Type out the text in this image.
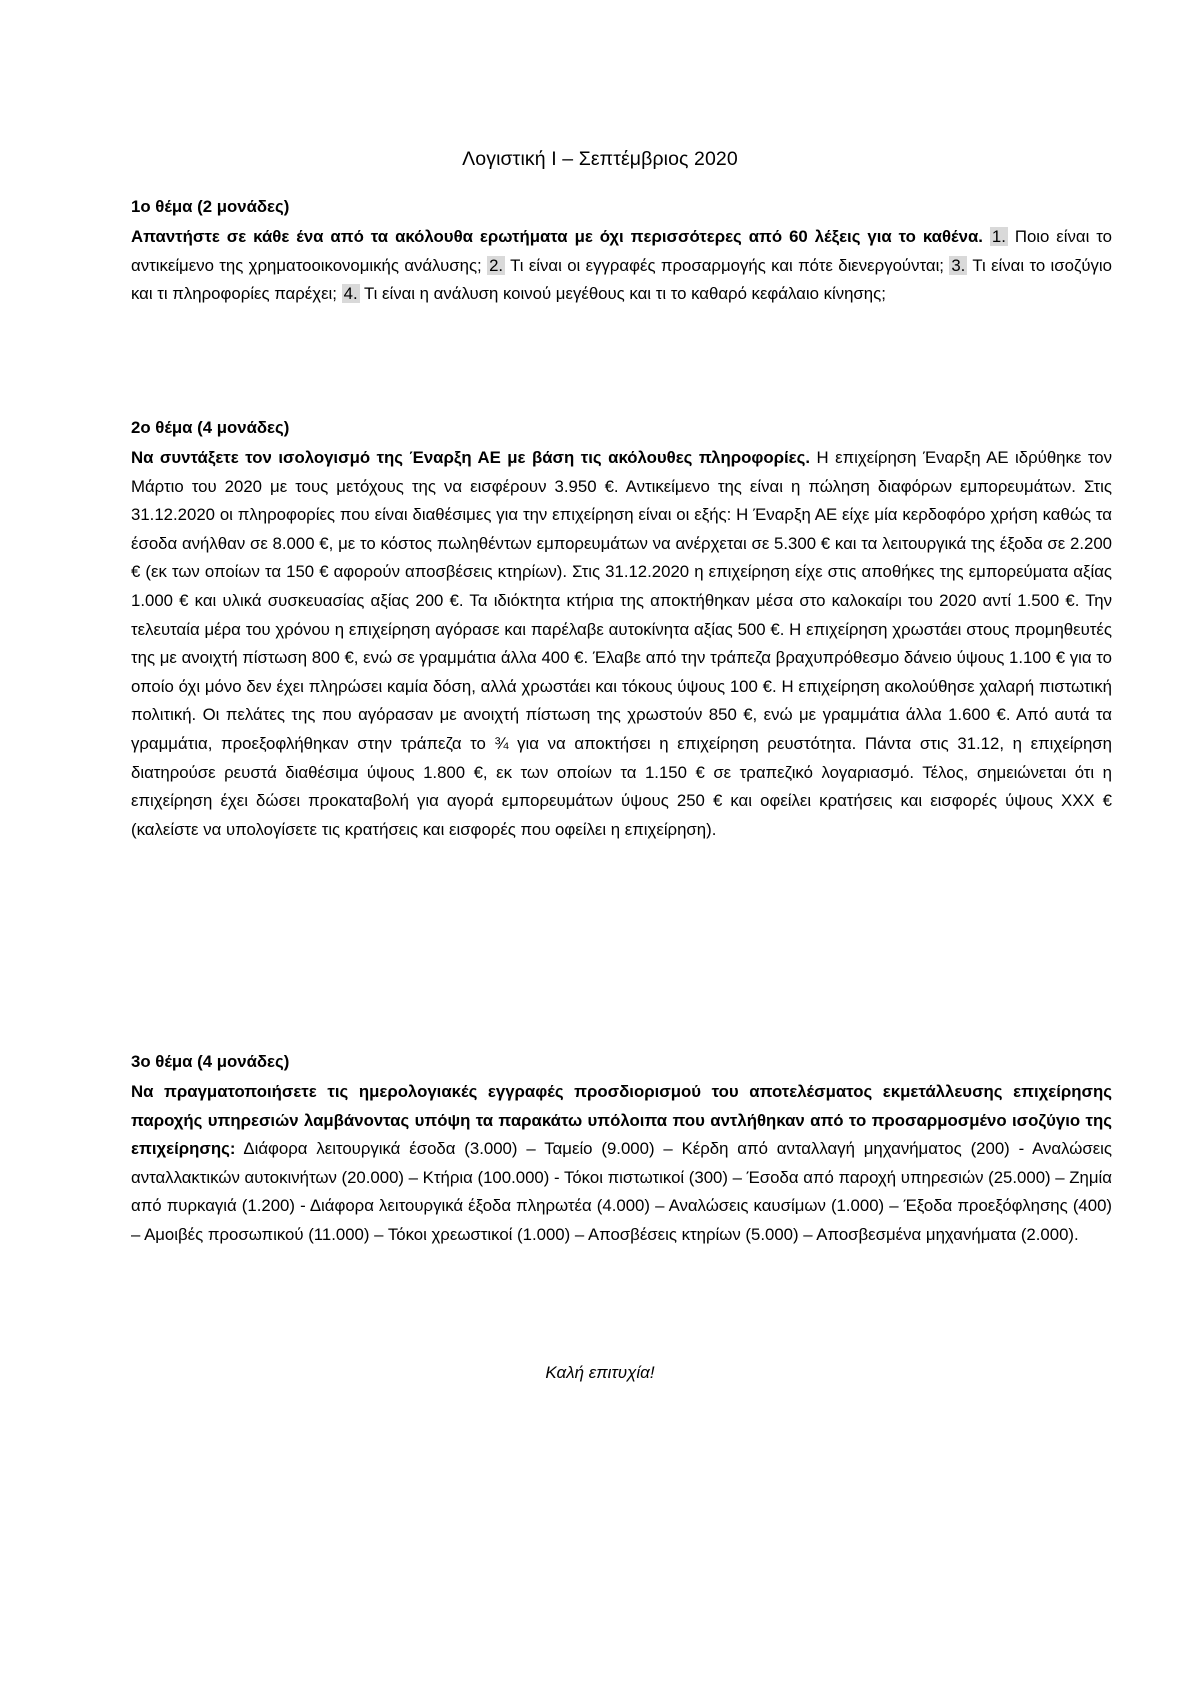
Λογιστική Ι – Σεπτέμβριος 2020
1ο θέμα (2 μονάδες)
Απαντήστε σε κάθε ένα από τα ακόλουθα ερωτήματα με όχι περισσότερες από 60 λέξεις για το καθένα. 1. Ποιο είναι το αντικείμενο της χρηματοοικονομικής ανάλυσης; 2. Τι είναι οι εγγραφές προσαρμογής και πότε διενεργούνται; 3. Τι είναι το ισοζύγιο και τι πληροφορίες παρέχει; 4. Τι είναι η ανάλυση κοινού μεγέθους και τι το καθαρό κεφάλαιο κίνησης;
2ο θέμα (4 μονάδες)
Να συντάξετε τον ισολογισμό της Έναρξη ΑΕ με βάση τις ακόλουθες πληροφορίες. Η επιχείρηση Έναρξη ΑΕ ιδρύθηκε τον Μάρτιο του 2020 με τους μετόχους της να εισφέρουν 3.950 €. Αντικείμενο της είναι η πώληση διαφόρων εμπορευμάτων. Στις 31.12.2020 οι πληροφορίες που είναι διαθέσιμες για την επιχείρηση είναι οι εξής: Η Έναρξη ΑΕ είχε μία κερδοφόρο χρήση καθώς τα έσοδα ανήλθαν σε 8.000 €, με το κόστος πωληθέντων εμπορευμάτων να ανέρχεται σε 5.300 € και τα λειτουργικά της έξοδα σε 2.200 € (εκ των οποίων τα 150 € αφορούν αποσβέσεις κτηρίων). Στις 31.12.2020 η επιχείρηση είχε στις αποθήκες της εμπορεύματα αξίας 1.000 € και υλικά συσκευασίας αξίας 200 €. Τα ιδιόκτητα κτήρια της αποκτήθηκαν μέσα στο καλοκαίρι του 2020 αντί 1.500 €. Την τελευταία μέρα του χρόνου η επιχείρηση αγόρασε και παρέλαβε αυτοκίνητα αξίας 500 €. Η επιχείρηση χρωστάει στους προμηθευτές της με ανοιχτή πίστωση 800 €, ενώ σε γραμμάτια άλλα 400 €. Έλαβε από την τράπεζα βραχυπρόθεσμο δάνειο ύψους 1.100 € για το οποίο όχι μόνο δεν έχει πληρώσει καμία δόση, αλλά χρωστάει και τόκους ύψους 100 €. Η επιχείρηση ακολούθησε χαλαρή πιστωτική πολιτική. Οι πελάτες της που αγόρασαν με ανοιχτή πίστωση της χρωστούν 850 €, ενώ με γραμμάτια άλλα 1.600 €. Από αυτά τα γραμμάτια, προεξοφλήθηκαν στην τράπεζα το ¾ για να αποκτήσει η επιχείρηση ρευστότητα. Πάντα στις 31.12, η επιχείρηση διατηρούσε ρευστά διαθέσιμα ύψους 1.800 €, εκ των οποίων τα 1.150 € σε τραπεζικό λογαριασμό. Τέλος, σημειώνεται ότι η επιχείρηση έχει δώσει προκαταβολή για αγορά εμπορευμάτων ύψους 250 € και οφείλει κρατήσεις και εισφορές ύψους ΧΧΧ € (καλείστε να υπολογίσετε τις κρατήσεις και εισφορές που οφείλει η επιχείρηση).
3ο θέμα (4 μονάδες)
Να πραγματοποιήσετε τις ημερολογιακές εγγραφές προσδιορισμού του αποτελέσματος εκμετάλλευσης επιχείρησης παροχής υπηρεσιών λαμβάνοντας υπόψη τα παρακάτω υπόλοιπα που αντλήθηκαν από το προσαρμοσμένο ισοζύγιο της επιχείρησης: Διάφορα λειτουργικά έσοδα (3.000) – Ταμείο (9.000) – Κέρδη από ανταλλαγή μηχανήματος (200) - Αναλώσεις ανταλλακτικών αυτοκινήτων (20.000) – Κτήρια (100.000) - Τόκοι πιστωτικοί (300) – Έσοδα από παροχή υπηρεσιών (25.000) – Ζημία από πυρκαγιά (1.200) - Διάφορα λειτουργικά έξοδα πληρωτέα (4.000) – Αναλώσεις καυσίμων (1.000) – Έξοδα προεξόφλησης (400) – Αμοιβές προσωπικού (11.000) – Τόκοι χρεωστικοί (1.000) – Αποσβέσεις κτηρίων (5.000) – Αποσβεσμένα μηχανήματα (2.000).
Καλή επιτυχία!
